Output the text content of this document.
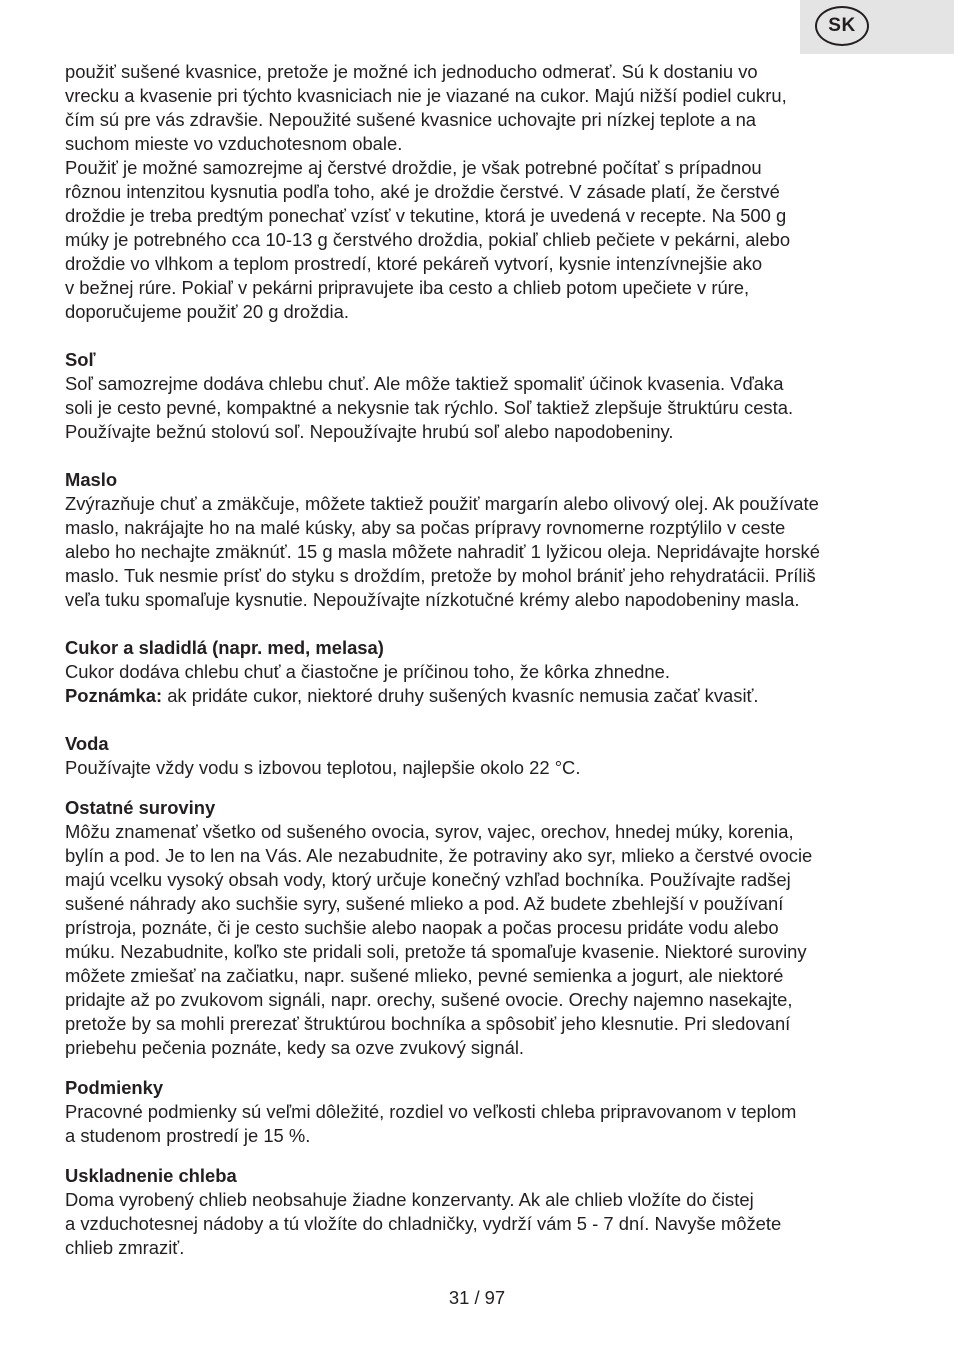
SK

použiť sušené kvasnice, pretože je možné ich jednoducho odmerať. Sú k dostaniu vo
vrecku a kvasenie pri týchto kvasniciach nie je viazané na cukor. Majú nižší podiel cukru,
čím sú pre vás zdravšie. Nepoužité sušené kvasnice uchovajte pri nízkej teplote a na
suchom mieste vo vzduchotesnom obale.

Použiť je možné samozrejme aj čerstvé droždie, je však potrebné počítať s prípadnou
rôznou intenzitou kysnutia podľa toho, aké je droždie čerstvé. V zásade platí, že čerstvé
droždie je treba predtým ponechať vzísť v tekutine, ktorá je uvedená v recepte. Na 500 g
múky je potrebného cca 10-13 g čerstvého droždia, pokiaľ chlieb pečiete v pekárni, alebo
droždie vo vlhkom a teplom prostredí, ktoré pekáreň vytvorí, kysnie intenzívnejšie ako
v bežnej rúre. Pokiaľ v pekárni pripravujete iba cesto a chlieb potom upečiete v rúre,
doporučujeme použiť 20 g droždia.

Soľ

Soľ samozrejme dodáva chlebu chuť. Ale môže taktiež spomaliť účinok kvasenia. Vďaka
soli je cesto pevné, kompaktné a nekysnie tak rýchlo. Soľ taktiež zlepšuje štruktúru cesta.
Používajte bežnú stolovú soľ. Nepoužívajte hrubú soľ alebo napodobeniny.

Maslo

Zvýrazňuje chuť a zmäkčuje, môžete taktiež použiť margarín alebo olivový olej. Ak používate
maslo, nakrájajte ho na malé kúsky, aby sa počas prípravy rovnomerne rozptýlilo v ceste
alebo ho nechajte zmäknúť. 15 g masla môžete nahradiť 1 lyžicou oleja. Nepridávajte horské
maslo. Tuk nesmie prísť do styku s droždím, pretože by mohol brániť jeho rehydratácii. Príliš
veľa tuku spomaľuje kysnutie. Nepoužívajte nízkotučné krémy alebo napodobeniny masla.

Cukor a sladidlá (napr. med, melasa)

Cukor dodáva chlebu chuť a čiastočne je príčinou toho, že kôrka zhnedne.

Poznámka: ak pridáte cukor, niektoré druhy sušených kvasníc nemusia začať kvasiť.

Voda

Používajte vždy vodu s izbovou teplotou, najlepšie okolo 22 °C.

Ostatné suroviny

Môžu znamenať všetko od sušeného ovocia, syrov, vajec, orechov, hnedej múky, korenia,
bylín a pod. Je to len na Vás. Ale nezabudnite, že potraviny ako syr, mlieko a čerstvé ovocie
majú vcelku vysoký obsah vody, ktorý určuje konečný vzhľad bochníka. Používajte radšej
sušené náhrady ako suchšie syry, sušené mlieko a pod. Až budete zbehlejší v používaní
prístroja, poznáte, či je cesto suchšie alebo naopak a počas procesu pridáte vodu alebo
múku. Nezabudnite, koľko ste pridali soli, pretože tá spomaľuje kvasenie. Niektoré suroviny
môžete zmiešať na začiatku, napr. sušené mlieko, pevné semienka a jogurt, ale niektoré
pridajte až po zvukovom signáli, napr. orechy, sušené ovocie. Orechy najemno nasekajte,
pretože by sa mohli prerezať štruktúrou bochníka a spôsobiť jeho klesnutie. Pri sledovaní
priebehu pečenia poznáte, kedy sa ozve zvukový signál.

Podmienky

Pracovné podmienky sú veľmi dôležité, rozdiel vo veľkosti chleba pripravovanom v teplom
a studenom prostredí je 15 %.

Uskladnenie chleba

Doma vyrobený chlieb neobsahuje žiadne konzervanty. Ak ale chlieb vložíte do čistej
a vzduchotesnej nádoby a tú vložíte do chladničky, vydrží vám 5 - 7 dní. Navyše môžete
chlieb zmraziť.

31 / 97
